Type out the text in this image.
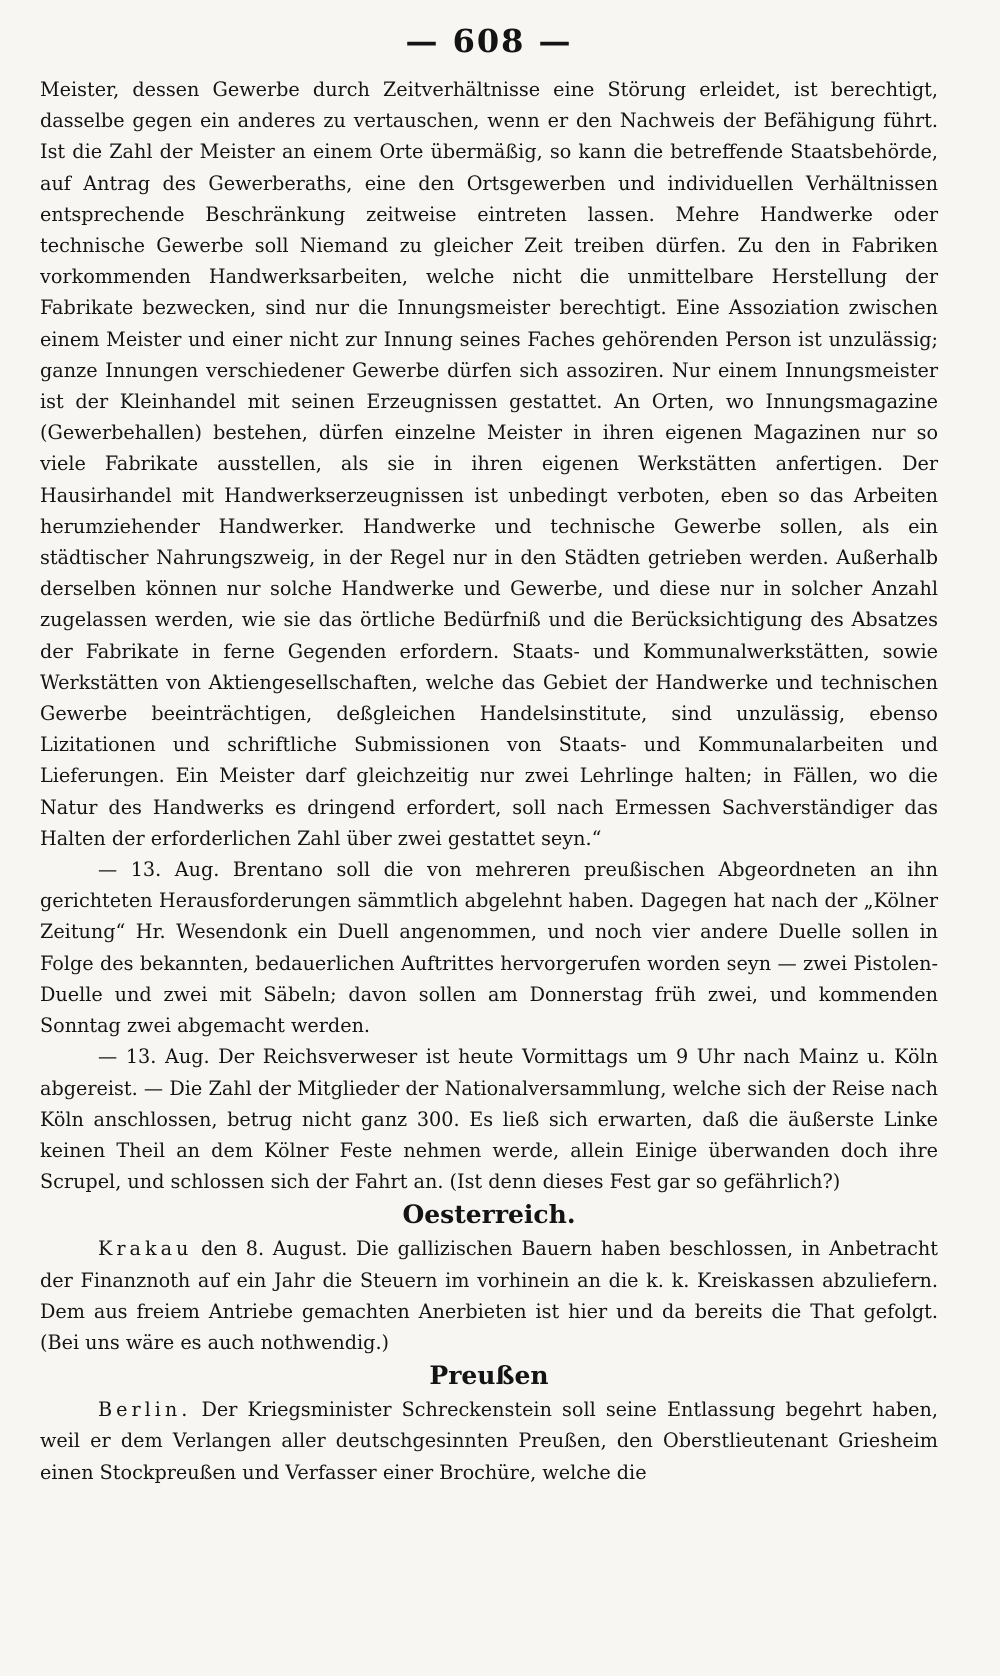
— 608 —

Meister, dessen Gewerbe durch Zeitverhältnisse eine Störung erleidet, ist berechtigt, dasselbe gegen ein anderes zu vertauschen, wenn er den Nachweis der Befähigung führt. Ist die Zahl der Meister an einem Orte übermäßig, so kann die betreffende Staatsbehörde, auf Antrag des Gewerberaths, eine den Ortsgewerben und individuellen Verhältnissen entsprechende Beschränkung zeitweise eintreten lassen. Mehre Handwerke oder technische Gewerbe soll Niemand zu gleicher Zeit treiben dürfen. Zu den in Fabriken vorkommenden Handwerksarbeiten, welche nicht die unmittelbare Herstellung der Fabrikate bezwecken, sind nur die Innungsmeister berechtigt. Eine Assoziation zwischen einem Meister und einer nicht zur Innung seines Faches gehörenden Person ist unzulässig; ganze Innungen verschiedener Gewerbe dürfen sich assoziren. Nur einem Innungsmeister ist der Kleinhandel mit seinen Erzeugnissen gestattet. An Orten, wo Innungsmagazine (Gewerbehallen) bestehen, dürfen einzelne Meister in ihren eigenen Magazinen nur so viele Fabrikate ausstellen, als sie in ihren eigenen Werkstätten anfertigen. Der Hausirhandel mit Handwerkserzeugnissen ist unbedingt verboten, eben so das Arbeiten herumziehender Handwerker. Handwerke und technische Gewerbe sollen, als ein städtischer Nahrungszweig, in der Regel nur in den Städten getrieben werden. Außerhalb derselben können nur solche Handwerke und Gewerbe, und diese nur in solcher Anzahl zugelassen werden, wie sie das örtliche Bedürfniß und die Berücksichtigung des Absatzes der Fabrikate in ferne Gegenden erfordern. Staats- und Kommunalwerkstätten, sowie Werkstätten von Aktiengesellschaften, welche das Gebiet der Handwerke und technischen Gewerbe beeinträchtigen, deßgleichen Handelsinstitute, sind unzulässig, ebenso Lizitationen und schriftliche Submissionen von Staats- und Kommunalarbeiten und Lieferungen. Ein Meister darf gleichzeitig nur zwei Lehrlinge halten; in Fällen, wo die Natur des Handwerks es dringend erfordert, soll nach Ermessen Sachverständiger das Halten der erforderlichen Zahl über zwei gestattet seyn.“

— 13. Aug. Brentano soll die von mehreren preußischen Abgeordneten an ihn gerichteten Herausforderungen sämmtlich abgelehnt haben. Dagegen hat nach der „Kölner Zeitung“ Hr. Wesendonk ein Duell angenommen, und noch vier andere Duelle sollen in Folge des bekannten, bedauerlichen Auftrittes hervorgerufen worden seyn — zwei Pistolen-Duelle und zwei mit Säbeln; davon sollen am Donnerstag früh zwei, und kommenden Sonntag zwei abgemacht werden.

— 13. Aug. Der Reichsverweser ist heute Vormittags um 9 Uhr nach Mainz u. Köln abgereist. — Die Zahl der Mitglieder der Nationalversammlung, welche sich der Reise nach Köln anschlossen, betrug nicht ganz 300. Es ließ sich erwarten, daß die äußerste Linke keinen Theil an dem Kölner Feste nehmen werde, allein Einige überwanden doch ihre Scrupel, und schlossen sich der Fahrt an. (Ist denn dieses Fest gar so gefährlich?)

Oesterreich.

Krakau den 8. August. Die gallizischen Bauern haben beschlossen, in Anbetracht der Finanznoth auf ein Jahr die Steuern im vorhinein an die k. k. Kreiskassen abzuliefern. Dem aus freiem Antriebe gemachten Anerbieten ist hier und da bereits die That gefolgt. (Bei uns wäre es auch nothwendig.)

Preußen

Berlin. Der Kriegsminister Schreckenstein soll seine Entlassung begehrt haben, weil er dem Verlangen aller deutschgesinnten Preußen, den Oberstlieutenant Griesheim einen Stockpreußen und Verfasser einer Brochüre, welche die
